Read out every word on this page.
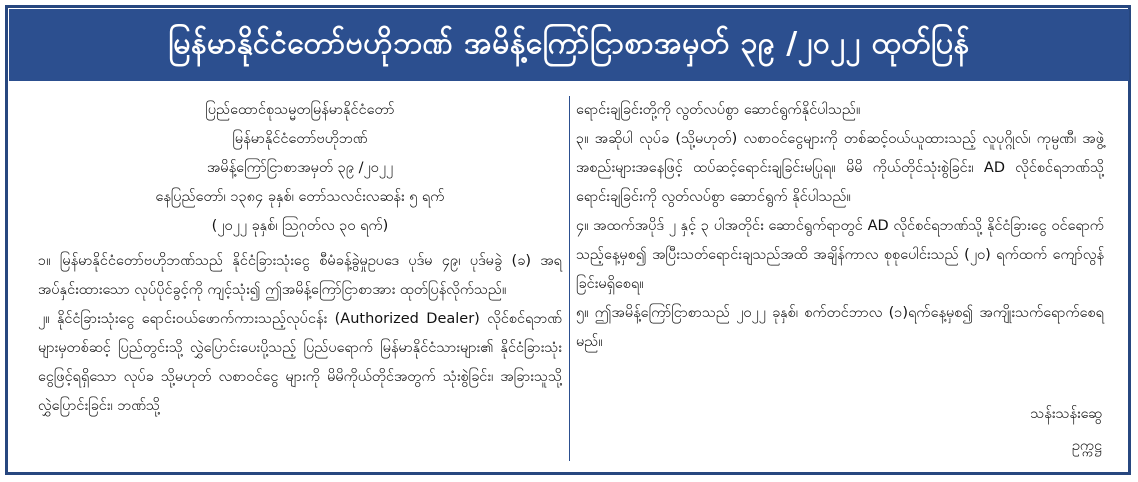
မြန်မာနိုင်ငံတော်ဗဟိုဘဏ် အမိန့်ကြော်ငြာစာအမှတ် ၃၉ /၂၀၂၂ ထုတ်ပြန်
ပြည်ထောင်စုသမ္မတမြန်မာနိုင်ငံတော်
မြန်မာနိုင်ငံတော်ဗဟိုဘဏ်
အမိန့်ကြော်ငြာစာအမှတ် ၃၉ /၂၀၂၂
နေပြည်တော်၊ ၁၃၈၄ ခုနှစ်၊ တော်သလင်းလဆန်း ၅ ရက်
(၂၀၂၂ ခုနှစ်၊ ဩဂုတ်လ ၃၀ ရက်)

၁။ မြန်မာနိုင်ငံတော်ဗဟိုဘဏ်သည် နိုင်ငံခြားသုံးငွေ စီမံခန့်ခွဲမှုဥပဒေ ပုဒ်မ ၄၉၊ ပုဒ်မခွဲ (ခ) အရ အပ်နှင်းထားသော လုပ်ပိုင်ခွင့်ကို ကျင့်သုံး၍ ဤအမိန့်ကြော်ငြာစာအား ထုတ်ပြန်လိုက်သည်။

၂။ နိုင်ငံခြားသုံးငွေ ရောင်းဝယ်ဖောက်ကားသည့်လုပ်ငန်း (Authorized Dealer) လိုင်စင်ရဘဏ်များမှတစ်ဆင့် ပြည်တွင်းသို့ လွှဲပြောင်းပေးပို့သည့် ပြည်ပရောက် မြန်မာနိုင်ငံသားများ၏ နိုင်ငံခြားသုံးငွေဖြင့်ရရှိသော လုပ်ခ သို့မဟုတ် လစာဝင်ငွေ များကို မိမိကိုယ်တိုင်အတွက် သုံးစွဲခြင်း၊ အခြားသူသို့ လွှဲပြောင်းခြင်း၊ ဘဏ်သို့

ရောင်းချခြင်းတို့ကို လွတ်လပ်စွာ ဆောင်ရွက်နိုင်ပါသည်။

၃။ အဆိုပါ လုပ်ခ (သို့မဟုတ်) လစာဝင်ငွေများကို တစ်ဆင့်ဝယ်ယူထားသည့် လူပုဂ္ဂိုလ်၊ ကုမ္ပဏီ၊ အဖွဲ့အစည်းများအနေဖြင့် ထပ်ဆင့်ရောင်းချခြင်းမပြုရ။ မိမိ ကိုယ်တိုင်သုံးစွဲခြင်း၊ AD လိုင်စင်ရဘဏ်သို့ ရောင်းချခြင်းကို လွတ်လပ်စွာ ဆောင်ရွက် နိုင်ပါသည်။

၄။ အထက်အပိုဒ် ၂ နှင့် ၃ ပါအတိုင်း ဆောင်ရွက်ရာတွင် AD လိုင်စင်ရဘဏ်သို့ နိုင်ငံခြားငွေ ဝင်ရောက်သည့်နေ့မှစ၍ အပြီးသတ်ရောင်းချသည်အထိ အချိန်ကာလ စုစုပေါင်းသည် (၂၀) ရက်ထက် ကျော်လွန်ခြင်းမရှိစေရ။

၅။ ဤအမိန့်ကြော်ငြာစာသည် ၂၀၂၂ ခုနှစ်၊ စက်တင်ဘာလ (၁)ရက်နေ့မှစ၍ အကျိုးသက်ရောက်စေရမည်။

သန်းသန်းဆွေ
ဥက္ကဋ္ဌ
